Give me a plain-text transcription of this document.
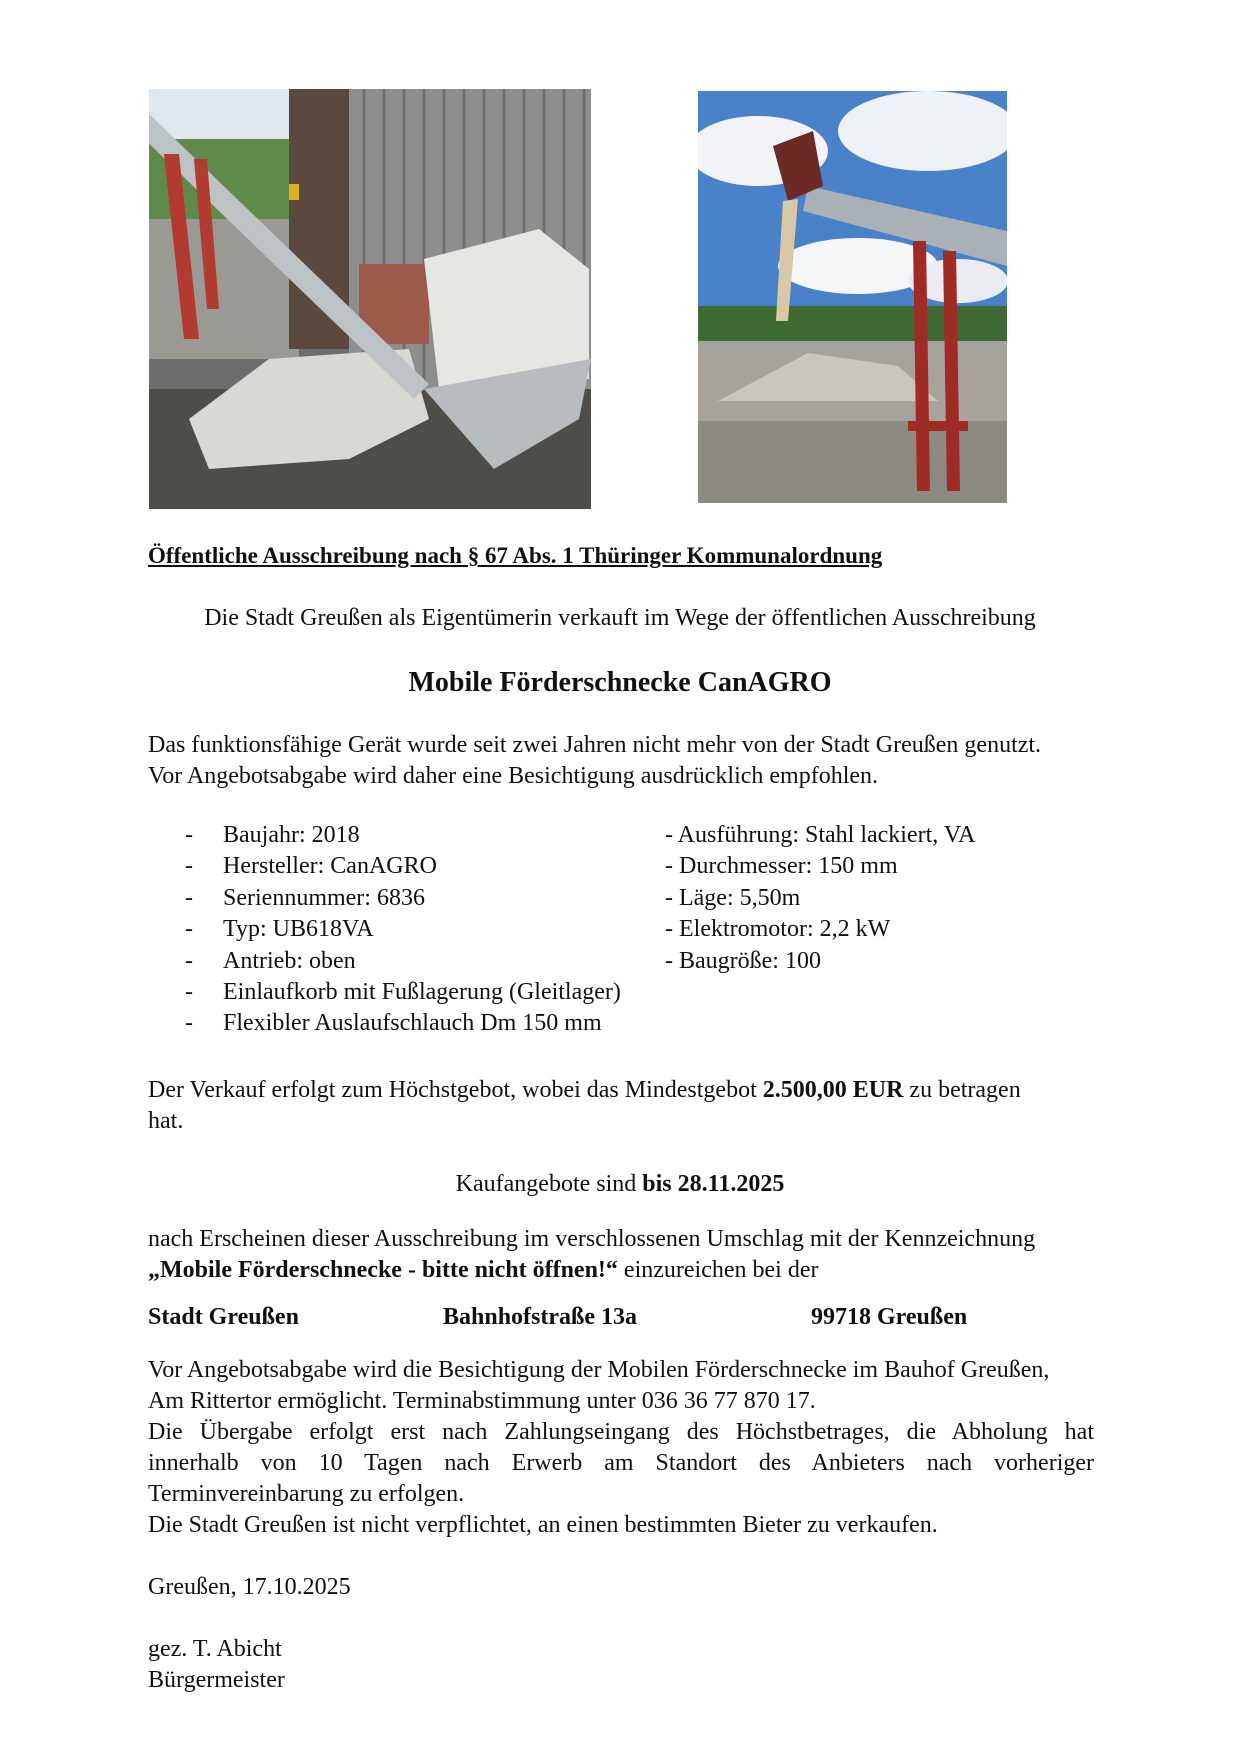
Öffentliche Ausschreibung nach § 67 Abs. 1 Thüringer Kommunalordnung
Die Stadt Greußen als Eigentümerin verkauft im Wege der öffentlichen Ausschreibung
Mobile Förderschnecke CanAGRO
Das funktionsfähige Gerät wurde seit zwei Jahren nicht mehr von der Stadt Greußen genutzt.
Vor Angebotsabgabe wird daher eine Besichtigung ausdrücklich empfohlen.
- Baujahr: 2018
- Hersteller: CanAGRO
- Seriennummer: 6836
- Typ: UB618VA
- Antrieb: oben
- Einlaufkorb mit Fußlagerung (Gleitlager)
- Flexibler Auslaufschlauch Dm 150 mm
- Ausführung: Stahl lackiert, VA
- Durchmesser: 150 mm
- Läge: 5,50m
- Elektromotor: 2,2 kW
- Baugröße: 100
Der Verkauf erfolgt zum Höchstgebot, wobei das Mindestgebot 2.500,00 EUR zu betragen
hat.
Kaufangebote sind bis 28.11.2025
nach Erscheinen dieser Ausschreibung im verschlossenen Umschlag mit der Kennzeichnung
„Mobile Förderschnecke - bitte nicht öffnen!“ einzureichen bei der
Stadt Greußen	Bahnhofstraße 13a	99718 Greußen
Vor Angebotsabgabe wird die Besichtigung der Mobilen Förderschnecke im Bauhof Greußen,
Am Rittertor ermöglicht. Terminabstimmung unter 036 36 77 870 17.
Die Übergabe erfolgt erst nach Zahlungseingang des Höchstbetrages, die Abholung hat
innerhalb von 10 Tagen nach Erwerb am Standort des Anbieters nach vorheriger
Terminvereinbarung zu erfolgen.
Die Stadt Greußen ist nicht verpflichtet, an einen bestimmten Bieter zu verkaufen.
Greußen, 17.10.2025
gez. T. Abicht
Bürgermeister
